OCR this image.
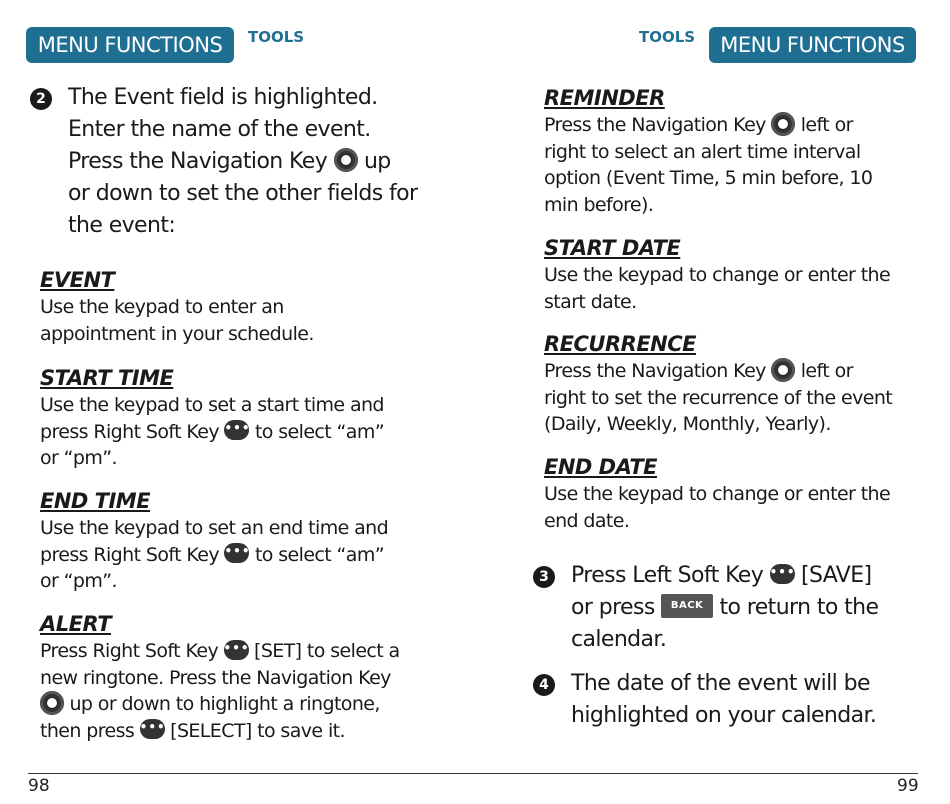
MENU FUNCTIONS	TOOLS
2 The Event field is highlighted.
Enter the name of the event.
Press the Navigation Key up
or down to set the other fields for
the event:
EVENT
Use the keypad to enter an
appointment in your schedule.
START TIME
Use the keypad to set a start time and
press Right Soft Key ••• to select “am”
or “pm”.
END TIME
Use the keypad to set an end time and
press Right Soft Key ••• to select “am”
or “pm”.
ALERT
Press Right Soft Key ••• [SET] to select a
new ringtone. Press the Navigation Key
up or down to highlight a ringtone,
then press ••• [SELECT] to save it.
98
TOOLS	MENU FUNCTIONS
REMINDER
Press the Navigation Key left or
right to select an alert time interval
option (Event Time, 5 min before, 10
min before).
START DATE
Use the keypad to change or enter the
start date.
RECURRENCE
Press the Navigation Key left or
right to set the recurrence of the event
(Daily, Weekly, Monthly, Yearly).
END DATE
Use the keypad to change or enter the
end date.
3 Press Left Soft Key ••• [SAVE]
or press BACK to return to the
calendar.
4 The date of the event will be
highlighted on your calendar.
99
